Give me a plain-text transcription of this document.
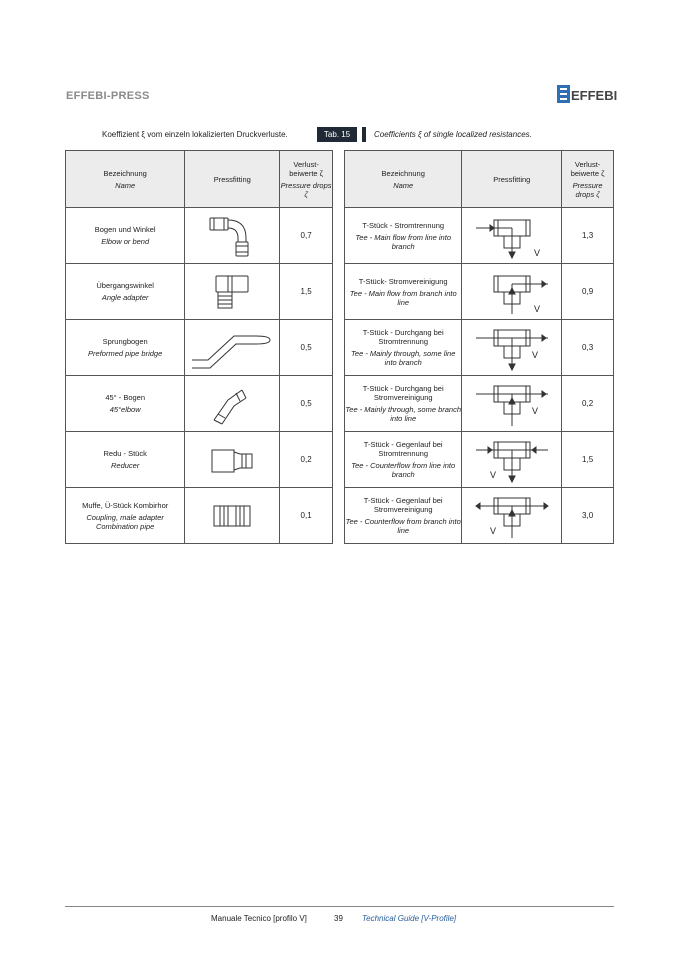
EFFEBI-PRESS	EFFEBI
Koeffizient ξ vom einzeln lokalizierten Druckverluste.	Tab. 15	Coefficients ξ of single localized resistances.
Bezeichnung
Name	Pressfitting	Verlust-beiwerte ζ
Pressure drops ζ

Bogen und Winkel
Elbow or bend		0,7

Übergangswinkel
Angle adapter		1,5

Sprungbogen
Preformed pipe bridge		0,5

45° - Bogen
45°elbow		0,5

Redu - Stück
Reducer		0,2

Muffe, Ü-Stück Kombirhor
Coupling, male adapter Combination pipe		0,1
Bezeichnung
Name	Pressfitting	Verlust-beiwerte ζ
Pressure drops ζ

T-Stück - Stromtrennung
Tee - Main flow from line into branch	V	1,3

T-Stück- Stromvereinigung
Tee - Main flow from branch into line	V	0,9

T-Stück - Durchgang bei Stromtrennung
Tee - Mainly through, some line into branch	V	0,3

T-Stück - Durchgang bei Stromvereinigung
Tee - Mainly through, some branch into line	V	0,2

T-Stück - Gegenlauf bei Stromtrennung
Tee - Counterflow from line into branch	V	1,5

T-Stück - Gegenlauf bei Stromvereinigung
Tee - Counterflow from branch into line	V	3,0
Manuale Tecnico [profilo V]	39 Technical Guide [V-Profile]
